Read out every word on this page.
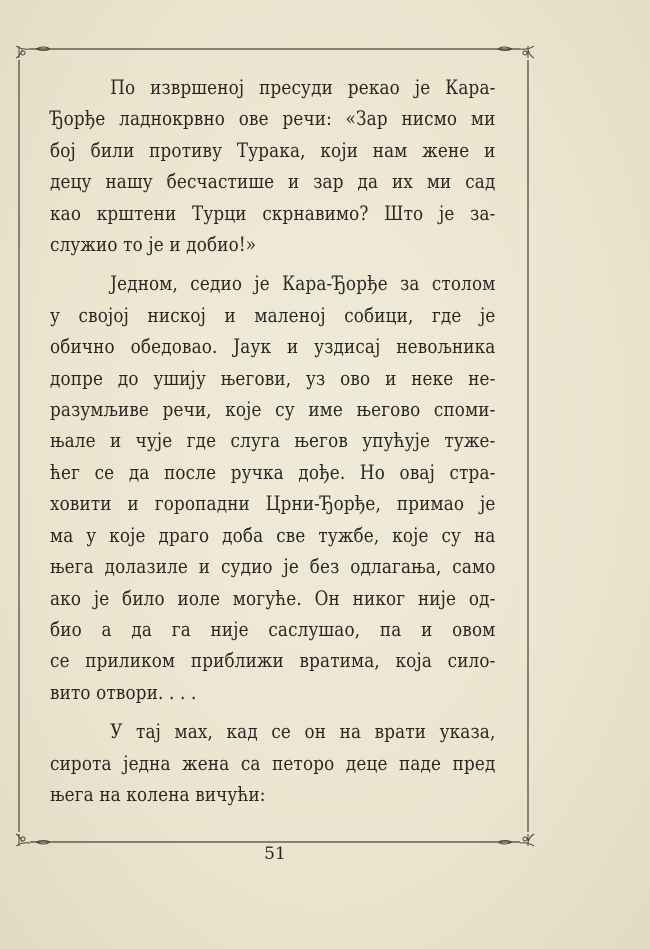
По извршеној пресуди рекао је Кара-
Ђорђе ладнокрвно ове речи: «Зар нисмо ми
бој били противу Турака, који нам жене и
децу нашу бесчастише и зар да их ми сад
као крштени Турци скрнавимо? Што је за-
служио то је и добио!»
Једном, седио је Кара-Ђорђе за столом
у својој ниској и маленој собици, где је
обично обедовао. Јаук и уздисај невољника
допре до ушију његови, уз ово и неке не-
разумљиве речи, које су име његово споми-
њале и чује где слуга његов упућује туже-
ћег се да после ручка дође. Но овај стра-
ховити и горопадни Црни-Ђорђе, примао је
ма у које драго доба све тужбе, које су на
њега долазиле и судио је без одлагања, само
ако је било иоле могуће. Он никог није од-
био а да га није саслушао, па и овом
се приликом приближи вратима, која сило-
вито отвори. . . .
У тај мах, кад се он на врати указа,
сирота једна жена са петоро деце паде пред
њега на колена вичући:
51
